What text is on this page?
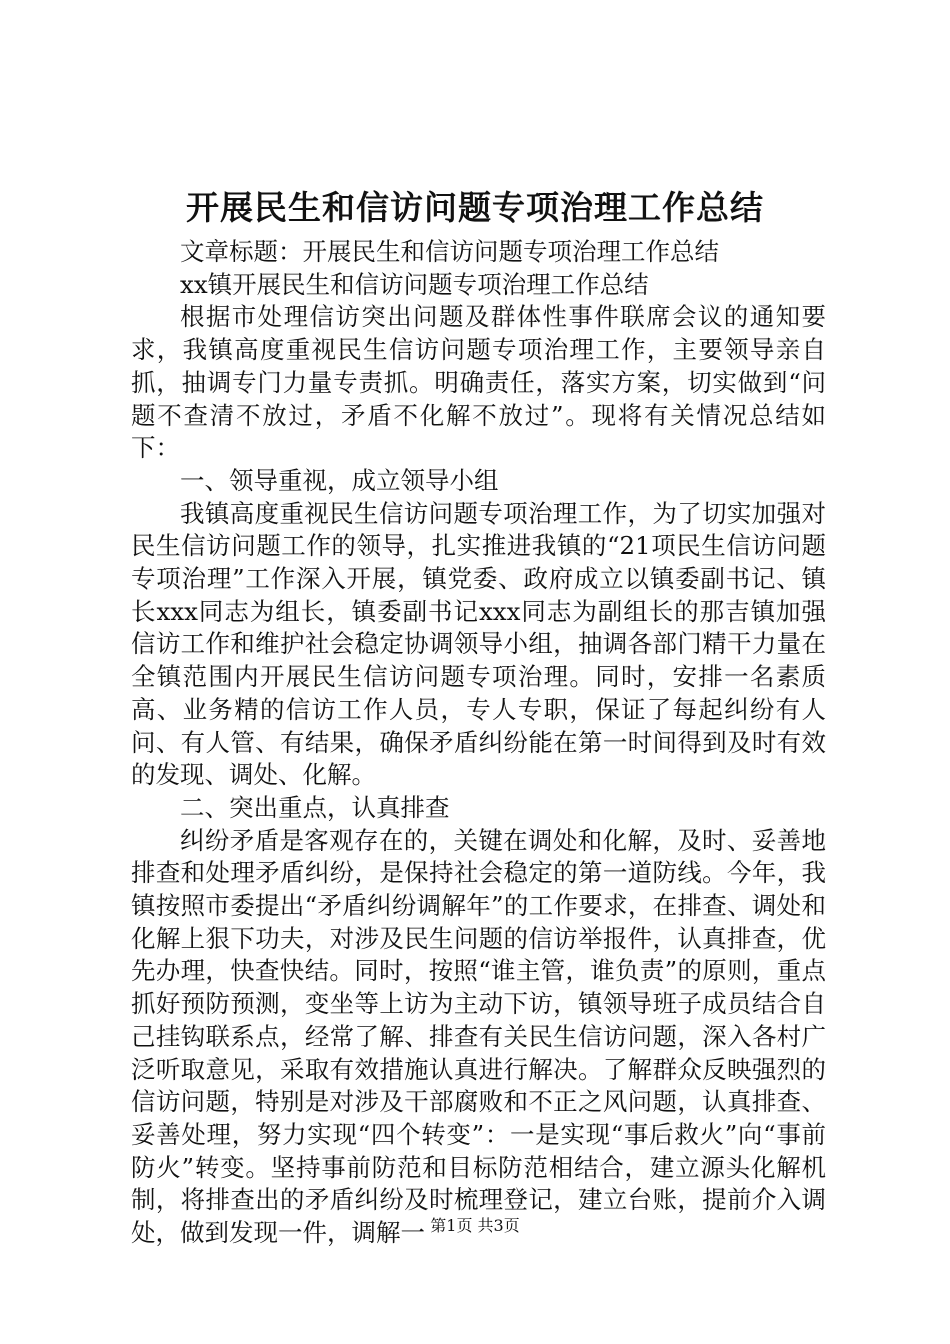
开展民生和信访问题专项治理工作总结

文章标题：开展民生和信访问题专项治理工作总结

xx镇开展民生和信访问题专项治理工作总结

根据市处理信访突出问题及群体性事件联席会议的通知要求，我镇高度重视民生信访问题专项治理工作，主要领导亲自抓，抽调专门力量专责抓。明确责任，落实方案，切实做到“问题不查清不放过，矛盾不化解不放过”。现将有关情况总结如下：

一、领导重视，成立领导小组

我镇高度重视民生信访问题专项治理工作，为了切实加强对民生信访问题工作的领导，扎实推进我镇的“21项民生信访问题专项治理”工作深入开展，镇党委、政府成立以镇委副书记、镇长xxx同志为组长，镇委副书记xxx同志为副组长的那吉镇加强信访工作和维护社会稳定协调领导小组，抽调各部门精干力量在全镇范围内开展民生信访问题专项治理。同时，安排一名素质高、业务精的信访工作人员，专人专职，保证了每起纠纷有人问、有人管、有结果，确保矛盾纠纷能在第一时间得到及时有效的发现、调处、化解。

二、突出重点，认真排查

纠纷矛盾是客观存在的，关键在调处和化解，及时、妥善地排查和处理矛盾纠纷，是保持社会稳定的第一道防线。今年，我镇按照市委提出“矛盾纠纷调解年”的工作要求，在排查、调处和化解上狠下功夫，对涉及民生问题的信访举报件，认真排查，优先办理，快查快结。同时，按照“谁主管，谁负责”的原则，重点抓好预防预测，变坐等上访为主动下访，镇领导班子成员结合自己挂钩联系点，经常了解、排查有关民生信访问题，深入各村广泛听取意见，采取有效措施认真进行解决。了解群众反映强烈的信访问题，特别是对涉及干部腐败和不正之风问题，认真排查、妥善处理，努力实现“四个转变”：一是实现“事后救火”向“事前防火”转变。坚持事前防范和目标防范相结合，建立源头化解机制，将排查出的矛盾纠纷及时梳理登记，建立台账，提前介入调处，做到发现一件，调解一 第1页 共3页
